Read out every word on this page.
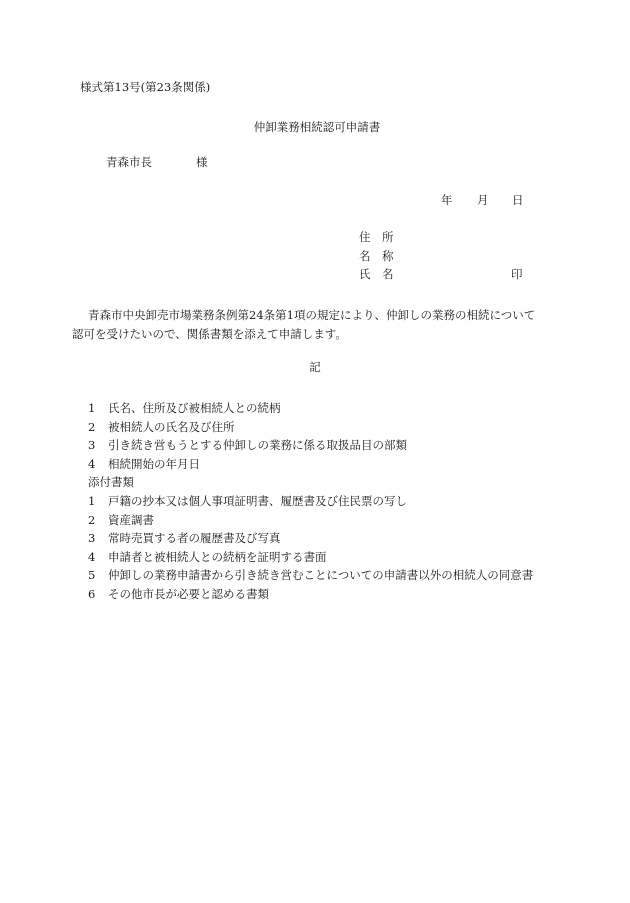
様式第13号(第23条関係)
仲卸業務相続認可申請書
青森市長	様
年 月 日
住 所
名 称
氏 名	印
青森市中央卸売市場業務条例第24条第1項の規定により、仲卸しの業務の相続について
認可を受けたいので、関係書類を添えて申請します。
記
1 氏名、住所及び被相続人との続柄
2 被相続人の氏名及び住所
3 引き続き営もうとする仲卸しの業務に係る取扱品目の部類
4 相続開始の年月日
添付書類
1 戸籍の抄本又は個人事項証明書、履歴書及び住民票の写し
2 資産調書
3 常時売買する者の履歴書及び写真
4 申請者と被相続人との続柄を証明する書面
5 仲卸しの業務申請書から引き続き営むことについての申請書以外の相続人の同意書
6 その他市長が必要と認める書類
